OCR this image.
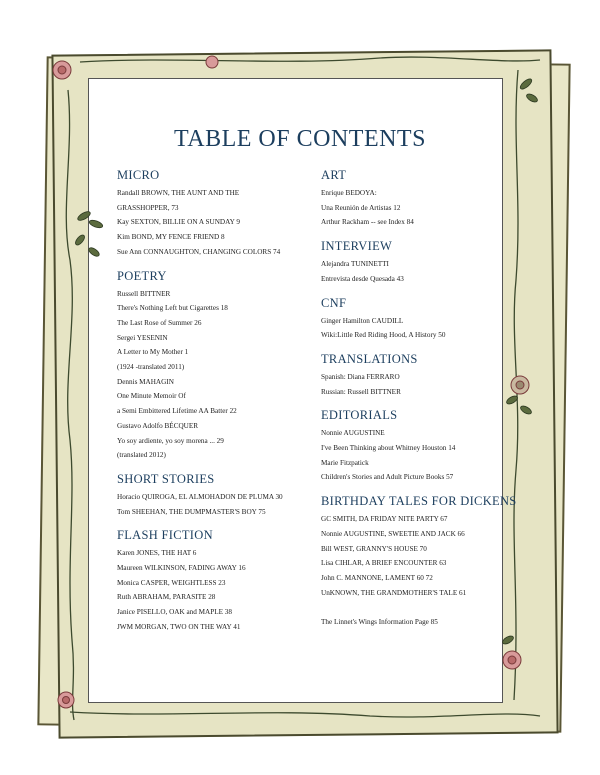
TABLE OF CONTENTS
MICRO
Randall BROWN, THE AUNT AND THE
GRASSHOPPER, 73
Kay SEXTON, BILLIE ON A SUNDAY 9
Kim BOND, MY FENCE FRIEND 8
Sue Ann CONNAUGHTON, CHANGING COLORS 74
POETRY
Russell BITTNER
There's Nothing Left but Cigarettes 18
The Last Rose of Summer 26
Sergei YESENIN
A Letter to My Mother 1
(1924 -translated 2011)
Dennis MAHAGIN
One Minute Memoir Of
a Semi Embittered Lifetime AA Batter 22
Gustavo Adolfo BÉCQUER
Yo soy ardiente, yo soy morena ... 29
(translated 2012)
SHORT STORIES
Horacio QUIROGA, EL ALMOHADON DE PLUMA 30
Tom SHEEHAN, THE DUMPMASTER'S BOY 75
FLASH FICTION
Karen JONES, THE HAT 6
Maureen WILKINSON, FADING AWAY 16
Monica CASPER, WEIGHTLESS 23
Ruth ABRAHAM, PARASITE 28
Janice PISELLO, OAK and MAPLE 38
JWM MORGAN, TWO ON THE WAY 41
ART
Enrique BEDOYA:
Una Reunión de Artistas 12
Arthur Rackham -- see Index 84
INTERVIEW
Alejandra TUNINETTI
Entrevista desde Quesada 43
CNF
Ginger Hamilton CAUDILL
Wiki:Little Red Riding Hood, A History 50
TRANSLATIONS
Spanish: Diana FERRARO
Russian: Russell BITTNER
EDITORIALS
Nonnie AUGUSTINE
I've Been Thinking about Whitney Houston 14
Marie Fitzpatick
Children's Stories and Adult Picture Books 57
BIRTHDAY TALES FOR DICKENS
GC SMITH, DA FRIDAY NITE PARTY 67
Nonnie AUGUSTINE, SWEETIE AND JACK 66
Bill WEST, GRANNY'S HOUSE 70
Lisa CIHLAR, A BRIEF ENCOUNTER 63
John C. MANNONE, LAMENT 60 72
UnKNOWN, THE GRANDMOTHER'S TALE 61

The Linnet's Wings Information Page 85
